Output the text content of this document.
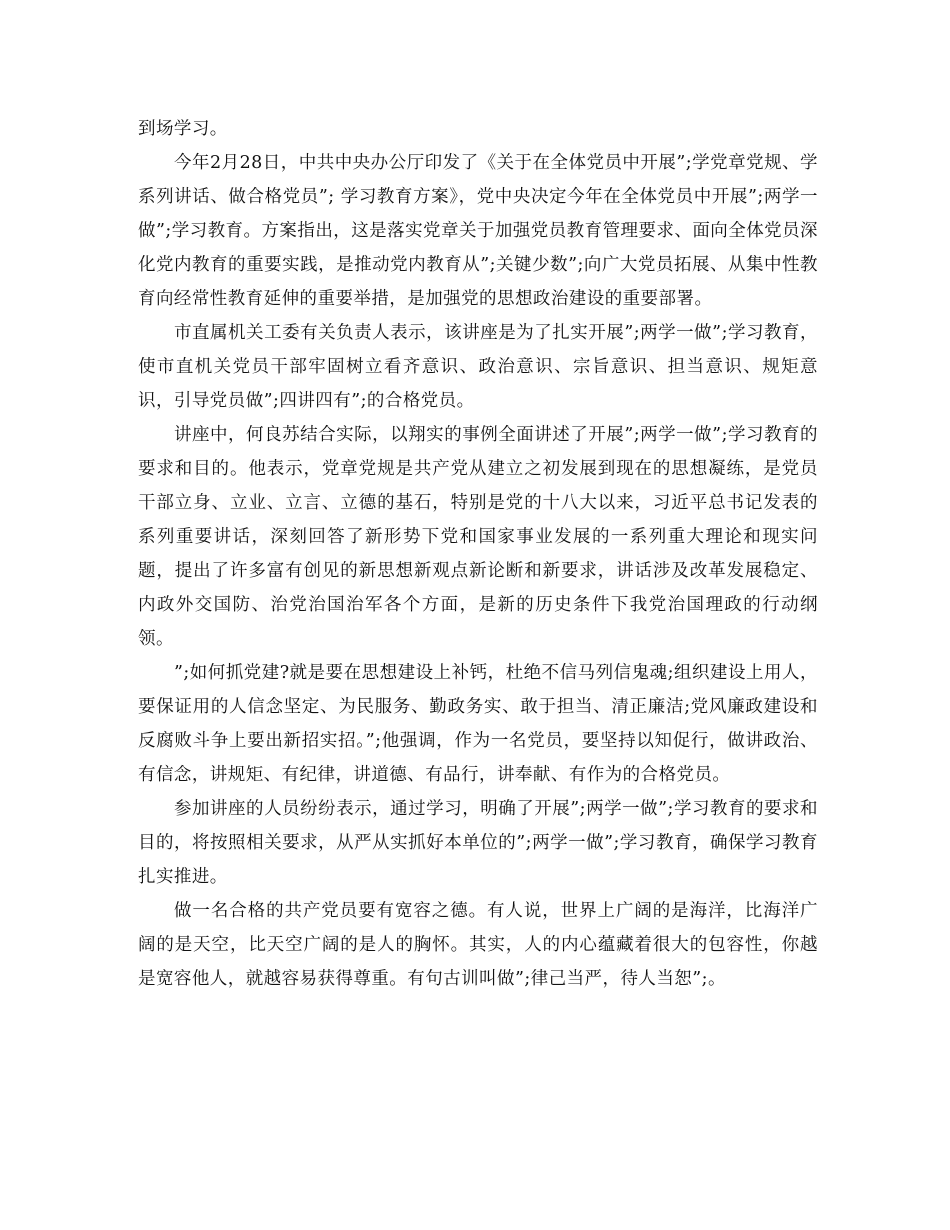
到场学习。

今年2月28日，中共中央办公厅印发了《关于在全体党员中开展”;学党章党规、学系列讲话、做合格党员”; 学习教育方案》，党中央决定今年在全体党员中开展”;两学一做”;学习教育。方案指出，这是落实党章关于加强党员教育管理要求、面向全体党员深化党内教育的重要实践，是推动党内教育从”;关键少数”;向广大党员拓展、从集中性教育向经常性教育延伸的重要举措，是加强党的思想政治建设的重要部署。

市直属机关工委有关负责人表示，该讲座是为了扎实开展”;两学一做”;学习教育，使市直机关党员干部牢固树立看齐意识、政治意识、宗旨意识、担当意识、规矩意识，引导党员做”;四讲四有”;的合格党员。

讲座中，何良苏结合实际，以翔实的事例全面讲述了开展”;两学一做”;学习教育的要求和目的。他表示，党章党规是共产党从建立之初发展到现在的思想凝练，是党员干部立身、立业、立言、立德的基石，特别是党的十八大以来，习近平总书记发表的系列重要讲话，深刻回答了新形势下党和国家事业发展的一系列重大理论和现实问题，提出了许多富有创见的新思想新观点新论断和新要求，讲话涉及改革发展稳定、内政外交国防、治党治国治军各个方面，是新的历史条件下我党治国理政的行动纲领。

”;如何抓党建?就是要在思想建设上补钙，杜绝不信马列信鬼魂;组织建设上用人，要保证用的人信念坚定、为民服务、勤政务实、敢于担当、清正廉洁;党风廉政建设和反腐败斗争上要出新招实招。”;他强调，作为一名党员，要坚持以知促行，做讲政治、有信念，讲规矩、有纪律，讲道德、有品行，讲奉献、有作为的合格党员。

参加讲座的人员纷纷表示，通过学习，明确了开展”;两学一做”;学习教育的要求和目的，将按照相关要求，从严从实抓好本单位的”;两学一做”;学习教育，确保学习教育扎实推进。

做一名合格的共产党员要有宽容之德。有人说，世界上广阔的是海洋，比海洋广阔的是天空，比天空广阔的是人的胸怀。其实，人的内心蕴藏着很大的包容性，你越是宽容他人，就越容易获得尊重。有句古训叫做”;律己当严，待人当恕”;。
